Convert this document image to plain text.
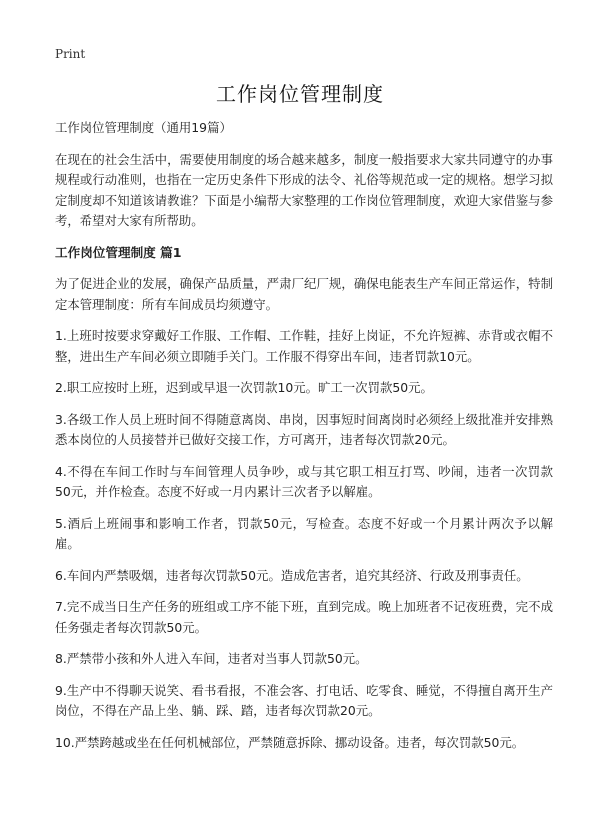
Print
工作岗位管理制度

工作岗位管理制度（通用19篇）

在现在的社会生活中，需要使用制度的场合越来越多，制度一般指要求大家共同遵守的办事规程或行动准则，也指在一定历史条件下形成的法令、礼俗等规范或一定的规格。想学习拟定制度却不知道该请教谁？下面是小编帮大家整理的工作岗位管理制度，欢迎大家借鉴与参考，希望对大家有所帮助。

工作岗位管理制度 篇1

为了促进企业的发展，确保产品质量，严肃厂纪厂规，确保电能表生产车间正常运作，特制定本管理制度：所有车间成员均须遵守。

1.上班时按要求穿戴好工作服、工作帽、工作鞋，挂好上岗证，不允许短裤、赤背或衣帽不整，进出生产车间必须立即随手关门。工作服不得穿出车间，违者罚款10元。

2.职工应按时上班，迟到或早退一次罚款10元。旷工一次罚款50元。

3.各级工作人员上班时间不得随意离岗、串岗，因事短时间离岗时必须经上级批准并安排熟悉本岗位的人员接替并已做好交接工作，方可离开，违者每次罚款20元。

4.不得在车间工作时与车间管理人员争吵，或与其它职工相互打骂、吵闹，违者一次罚款50元，并作检查。态度不好或一月内累计三次者予以解雇。

5.酒后上班闹事和影响工作者，罚款50元，写检查。态度不好或一个月累计两次予以解雇。

6.车间内严禁吸烟，违者每次罚款50元。造成危害者，追究其经济、行政及刑事责任。

7.完不成当日生产任务的班组或工序不能下班，直到完成。晚上加班者不记夜班费，完不成任务强走者每次罚款50元。

8.严禁带小孩和外人进入车间，违者对当事人罚款50元。

9.生产中不得聊天说笑、看书看报，不准会客、打电话、吃零食、睡觉，不得擅自离开生产岗位，不得在产品上坐、躺、踩、踏，违者每次罚款20元。

10.严禁跨越或坐在任何机械部位，严禁随意拆除、挪动设备。违者，每次罚款50元。
